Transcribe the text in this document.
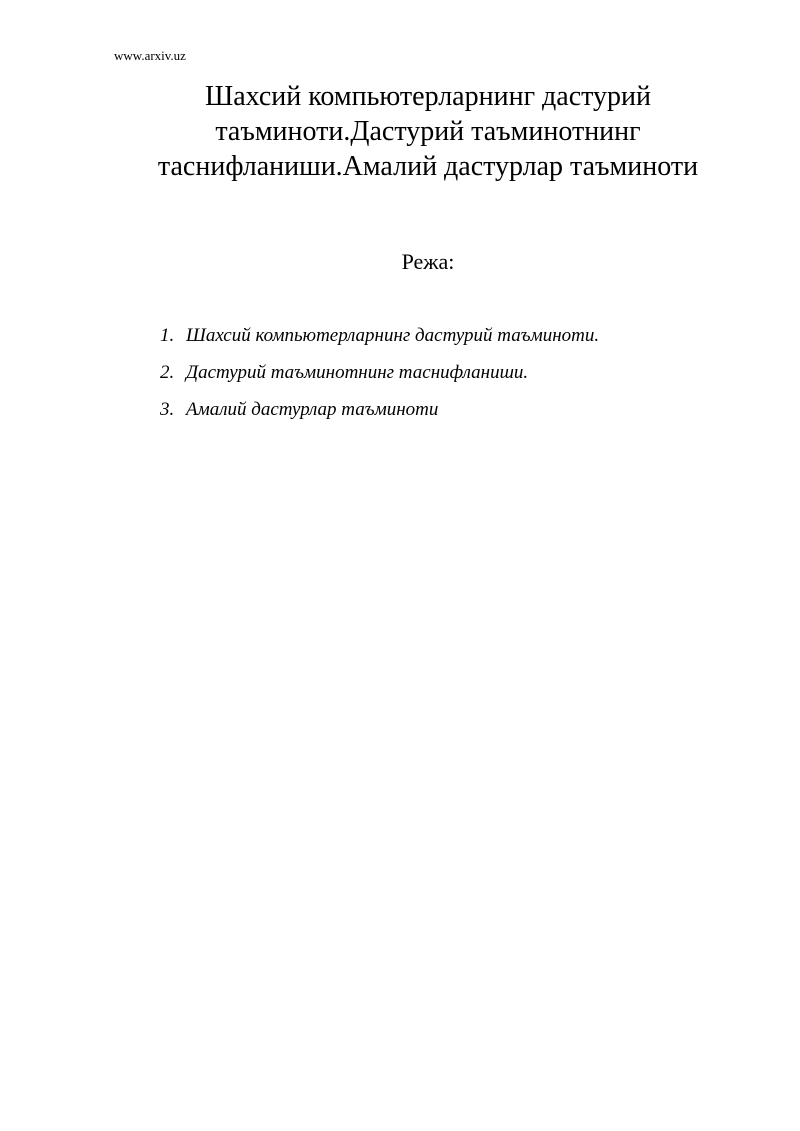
www.arxiv.uz
Шахсий компьютерларнинг дастурий
таъминоти.Дастурий таъминотнинг
таснифланиши.Амалий дастурлар таъминоти
Режа:
1. Шахсий компьютерларнинг дастурий таъминоти.
2. Дастурий таъминотнинг таснифланиши.
3. Амалий дастурлар таъминоти
